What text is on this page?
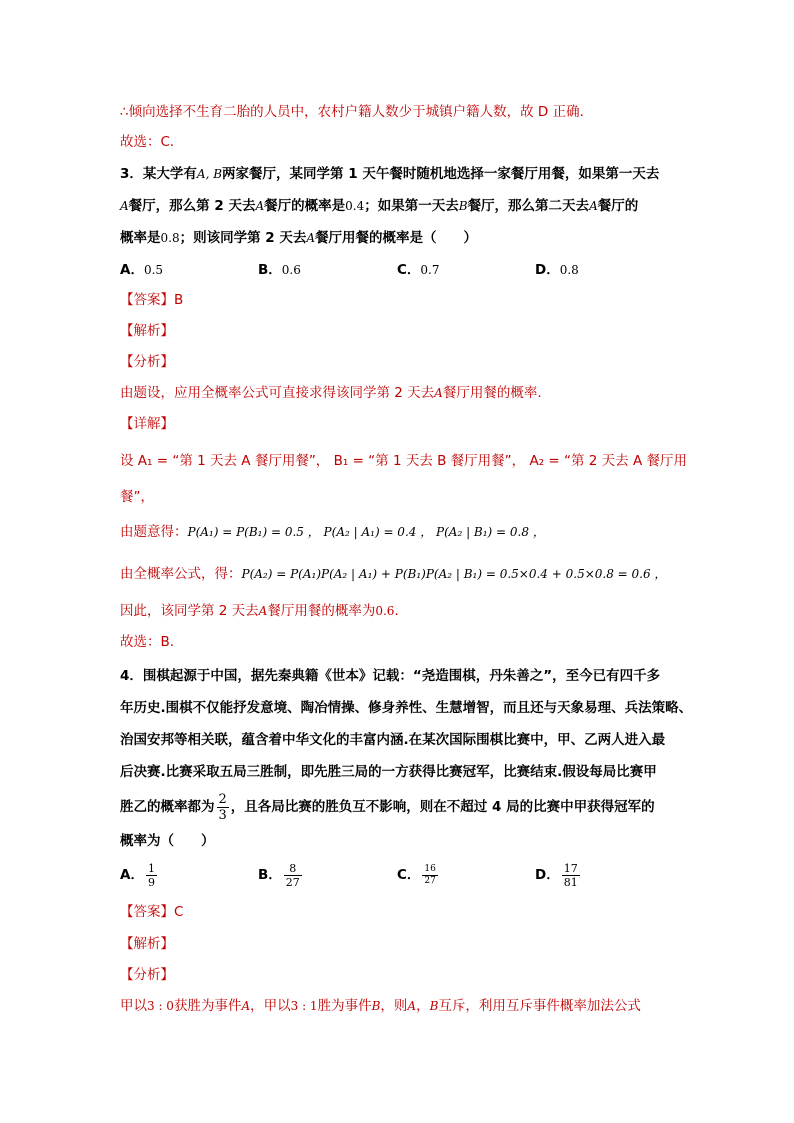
∴倾向选择不生育二胎的人员中，农村户籍人数少于城镇户籍人数，故 D 正确．
故选：C．
3．某大学有A, B两家餐厅，某同学第 1 天午餐时随机地选择一家餐厅用餐，如果第一天去
A餐厅，那么第 2 天去A餐厅的概率是0.4；如果第一天去B餐厅，那么第二天去A餐厅的
概率是0.8；则该同学第 2 天去A餐厅用餐的概率是（　　）
A．0.5	B．0.6	C．0.7	D．0.8
【答案】B
【解析】
【分析】
由题设，应用全概率公式可直接求得该同学第 2 天去A餐厅用餐的概率.
【详解】
设 A₁ = “第 1 天去 A 餐厅用餐”， B₁ = “第 1 天去 B 餐厅用餐”， A₂ = “第 2 天去 A 餐厅用
餐”，
由题意得：P(A₁) = P(B₁) = 0.5 ， P(A₂ | A₁) = 0.4 ， P(A₂ | B₁) = 0.8 ，
由全概率公式，得：P(A₂) = P(A₁)P(A₂ | A₁) + P(B₁)P(A₂ | B₁) = 0.5×0.4 + 0.5×0.8 = 0.6 ，
因此，该同学第 2 天去A餐厅用餐的概率为0.6．
故选：B.
4．围棋起源于中国，据先秦典籍《世本》记载：“尧造围棋，丹朱善之”，至今已有四千多
年历史.围棋不仅能抒发意境、陶冶情操、修身养性、生慧增智，而且还与天象易理、兵法策略、
治国安邦等相关联，蕴含着中华文化的丰富内涵.在某次国际围棋比赛中，甲、乙两人进入最
后决赛.比赛采取五局三胜制，即先胜三局的一方获得比赛冠军，比赛结束.假设每局比赛甲
胜乙的概率都为 $\frac{2}{3}$ ，且各局比赛的胜负互不影响，则在不超过 4 局的比赛中甲获得冠军的
概率为（　　）
A． $\frac{1}{9}$	B． $\frac{8}{27}$	C． $\frac{16}{27}$	D． $\frac{17}{81}$
【答案】C
【解析】
【分析】
甲以3 : 0获胜为事件A，甲以3 : 1胜为事件B，则A，B互斥，利用互斥事件概率加法公式
